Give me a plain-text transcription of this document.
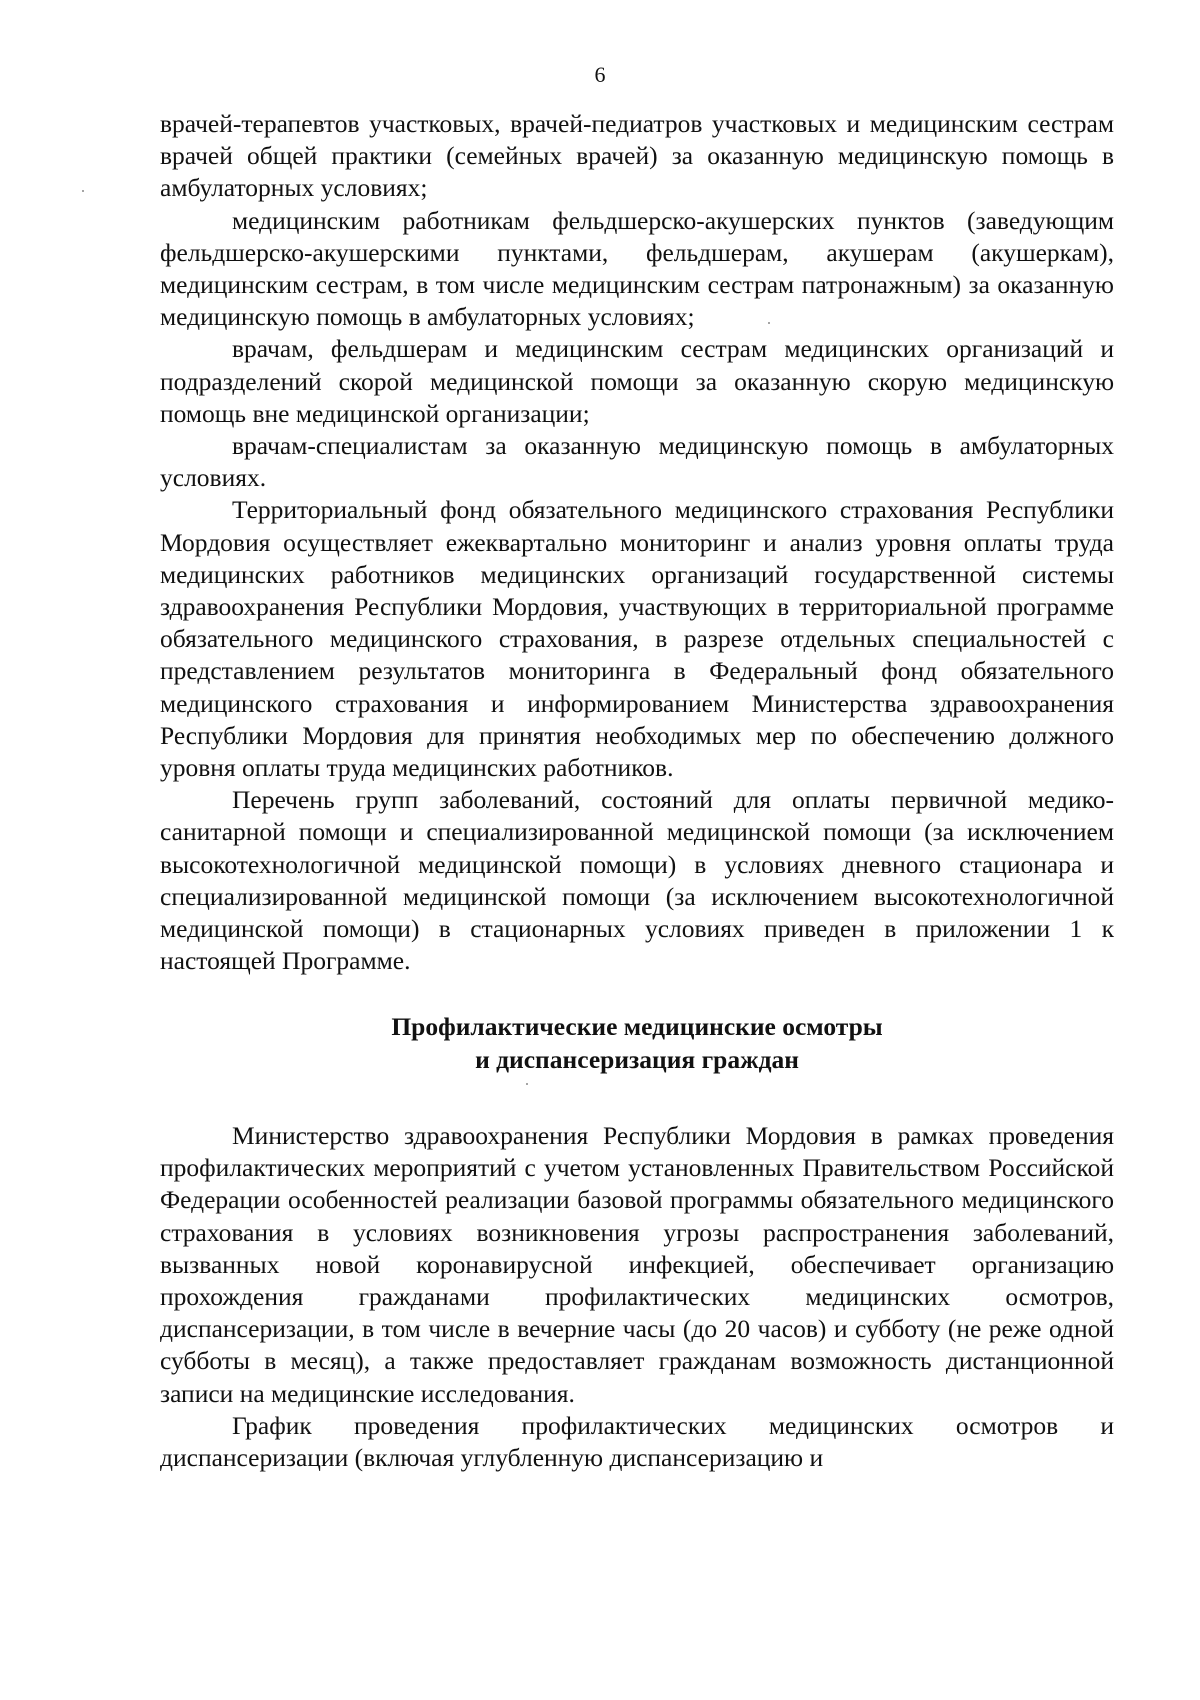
6

врачей-терапевтов участковых, врачей-педиатров участковых и медицинским сестрам врачей общей практики (семейных врачей) за оказанную медицинскую помощь в амбулаторных условиях;

медицинским работникам фельдшерско-акушерских пунктов (заведующим фельдшерско-акушерскими пунктами, фельдшерам, акушерам (акушеркам), медицинским сестрам, в том числе медицинским сестрам патронажным) за оказанную медицинскую помощь в амбулаторных условиях;

врачам, фельдшерам и медицинским сестрам медицинских организаций и подразделений скорой медицинской помощи за оказанную скорую медицинскую помощь вне медицинской организации;

врачам-специалистам за оказанную медицинскую помощь в амбулаторных условиях.

Территориальный фонд обязательного медицинского страхования Республики Мордовия осуществляет ежеквартально мониторинг и анализ уровня оплаты труда медицинских работников медицинских организаций государственной системы здравоохранения Республики Мордовия, участвующих в территориальной программе обязательного медицинского страхования, в разрезе отдельных специальностей с представлением результатов мониторинга в Федеральный фонд обязательного медицинского страхования и информированием Министерства здравоохранения Республики Мордовия для принятия необходимых мер по обеспечению должного уровня оплаты труда медицинских работников.

Перечень групп заболеваний, состояний для оплаты первичной медико-санитарной помощи и специализированной медицинской помощи (за исключением высокотехнологичной медицинской помощи) в условиях дневного стационара и специализированной медицинской помощи (за исключением высокотехнологичной медицинской помощи) в стационарных условиях приведен в приложении 1 к настоящей Программе.

Профилактические медицинские осмотры
и диспансеризация граждан

Министерство здравоохранения Республики Мордовия в рамках проведения профилактических мероприятий с учетом установленных Правительством Российской Федерации особенностей реализации базовой программы обязательного медицинского страхования в условиях возникновения угрозы распространения заболеваний, вызванных новой коронавирусной инфекцией, обеспечивает организацию прохождения гражданами профилактических медицинских осмотров, диспансеризации, в том числе в вечерние часы (до 20 часов) и субботу (не реже одной субботы в месяц), а также предоставляет гражданам возможность дистанционной записи на медицинские исследования.

График проведения профилактических медицинских осмотров и диспансеризации (включая углубленную диспансеризацию и
